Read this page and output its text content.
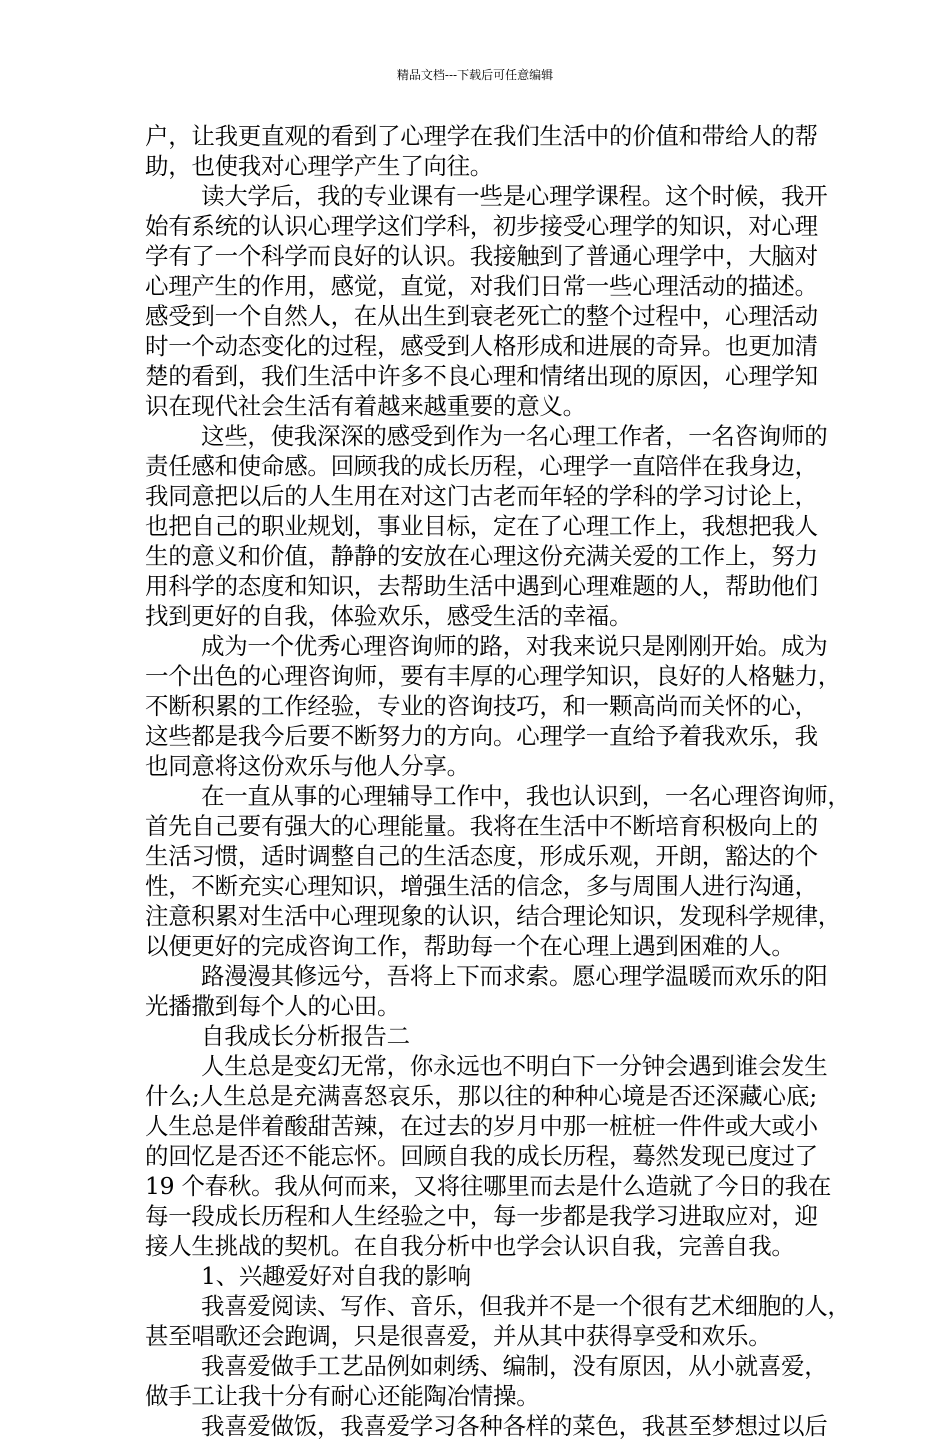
精品文档---下载后可任意编辑
户，让我更直观的看到了心理学在我们生活中的价值和带给人的帮
助，也使我对心理学产生了向往。
读大学后，我的专业课有一些是心理学课程。这个时候，我开
始有系统的认识心理学这们学科，初步接受心理学的知识，对心理
学有了一个科学而良好的认识。我接触到了普通心理学中，大脑对
心理产生的作用，感觉，直觉，对我们日常一些心理活动的描述。
感受到一个自然人，在从出生到衰老死亡的整个过程中，心理活动
时一个动态变化的过程，感受到人格形成和进展的奇异。也更加清
楚的看到，我们生活中许多不良心理和情绪出现的原因，心理学知
识在现代社会生活有着越来越重要的意义。
这些，使我深深的感受到作为一名心理工作者，一名咨询师的
责任感和使命感。回顾我的成长历程，心理学一直陪伴在我身边，
我同意把以后的人生用在对这门古老而年轻的学科的学习讨论上，
也把自己的职业规划，事业目标，定在了心理工作上，我想把我人
生的意义和价值，静静的安放在心理这份充满关爱的工作上，努力
用科学的态度和知识，去帮助生活中遇到心理难题的人，帮助他们
找到更好的自我，体验欢乐，感受生活的幸福。
成为一个优秀心理咨询师的路，对我来说只是刚刚开始。成为
一个出色的心理咨询师，要有丰厚的心理学知识，良好的人格魅力，
不断积累的工作经验，专业的咨询技巧，和一颗高尚而关怀的心，
这些都是我今后要不断努力的方向。心理学一直给予着我欢乐，我
也同意将这份欢乐与他人分享。
在一直从事的心理辅导工作中，我也认识到，一名心理咨询师，
首先自己要有强大的心理能量。我将在生活中不断培育积极向上的
生活习惯，适时调整自己的生活态度，形成乐观，开朗，豁达的个
性，不断充实心理知识，增强生活的信念，多与周围人进行沟通，
注意积累对生活中心理现象的认识，结合理论知识，发现科学规律，
以便更好的完成咨询工作，帮助每一个在心理上遇到困难的人。
路漫漫其修远兮，吾将上下而求索。愿心理学温暖而欢乐的阳
光播撒到每个人的心田。
自我成长分析报告二
人生总是变幻无常，你永远也不明白下一分钟会遇到谁会发生
什么;人生总是充满喜怒哀乐，那以往的种种心境是否还深藏心底;
人生总是伴着酸甜苦辣，在过去的岁月中那一桩桩一件件或大或小
的回忆是否还不能忘怀。回顾自我的成长历程，蓦然发现已度过了
19 个春秋。我从何而来，又将往哪里而去是什么造就了今日的我在
每一段成长历程和人生经验之中，每一步都是我学习进取应对，迎
接人生挑战的契机。在自我分析中也学会认识自我，完善自我。
1、兴趣爱好对自我的影响
我喜爱阅读、写作、音乐，但我并不是一个很有艺术细胞的人，
甚至唱歌还会跑调，只是很喜爱，并从其中获得享受和欢乐。
我喜爱做手工艺品例如刺绣、编制，没有原因，从小就喜爱，
做手工让我十分有耐心还能陶冶情操。
我喜爱做饭，我喜爱学习各种各样的菜色，我甚至梦想过以后
